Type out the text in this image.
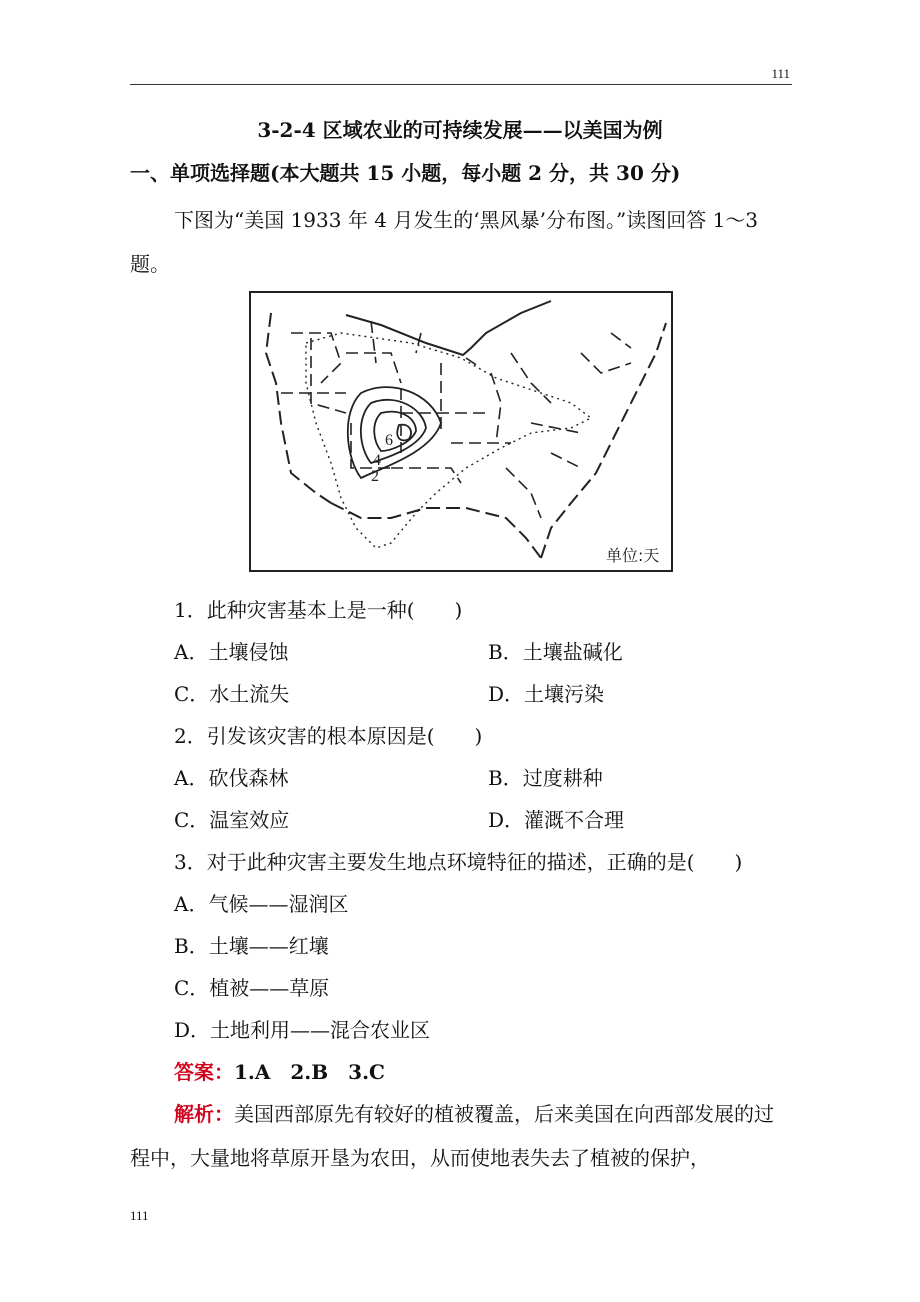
111
3-2-4 区域农业的可持续发展——以美国为例
一、单项选择题(本大题共 15 小题，每小题 2 分，共 30 分)
下图为“美国 1933 年 4 月发生的‘黑风暴’分布图。”读图回答 1～3 题。
6
4
2
单位:天
1．此种灾害基本上是一种(　　)
A．土壤侵蚀	B．土壤盐碱化
C．水土流失	D．土壤污染
2．引发该灾害的根本原因是(　　)
A．砍伐森林	B．过度耕种
C．温室效应	D．灌溉不合理
3．对于此种灾害主要发生地点环境特征的描述，正确的是(　　)
A．气候——湿润区
B．土壤——红壤
C．植被——草原
D．土地利用——混合农业区
答案：1.A　2.B　3.C
解析：美国西部原先有较好的植被覆盖，后来美国在向西部发展的过程中，大量地将草原开垦为农田，从而使地表失去了植被的保护，
111
